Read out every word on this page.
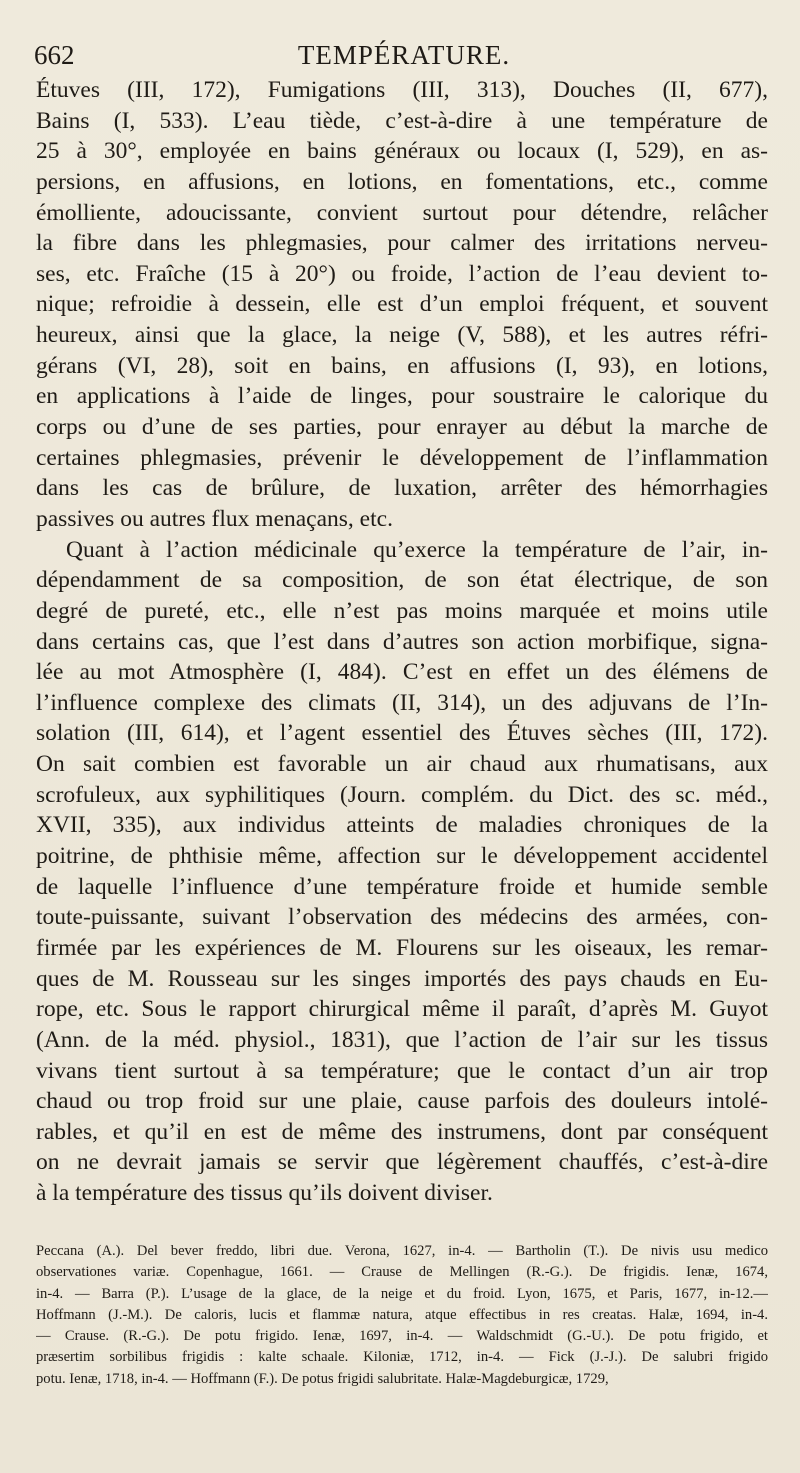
662	TEMPÉRATURE.
Étuves (III, 172), Fumigations (III, 313), Douches (II, 677),
Bains (I, 533). L’eau tiède, c’est-à-dire à une température de
25 à 30°, employée en bains généraux ou locaux (I, 529), en as-
persions, en affusions, en lotions, en fomentations, etc., comme
émolliente, adoucissante, convient surtout pour détendre, relâcher
la fibre dans les phlegmasies, pour calmer des irritations nerveu-
ses, etc. Fraîche (15 à 20°) ou froide, l’action de l’eau devient to-
nique; refroidie à dessein, elle est d’un emploi fréquent, et souvent
heureux, ainsi que la glace, la neige (V, 588), et les autres réfri-
gérans (VI, 28), soit en bains, en affusions (I, 93), en lotions,
en applications à l’aide de linges, pour soustraire le calorique du
corps ou d’une de ses parties, pour enrayer au début la marche de
certaines phlegmasies, prévenir le développement de l’inflammation
dans les cas de brûlure, de luxation, arrêter des hémorrhagies
passives ou autres flux menaçans, etc.
Quant à l’action médicinale qu’exerce la température de l’air, in-
dépendamment de sa composition, de son état électrique, de son
degré de pureté, etc., elle n’est pas moins marquée et moins utile
dans certains cas, que l’est dans d’autres son action morbifique, signa-
lée au mot Atmosphère (I, 484). C’est en effet un des élémens de
l’influence complexe des climats (II, 314), un des adjuvans de l’In-
solation (III, 614), et l’agent essentiel des Étuves sèches (III, 172).
On sait combien est favorable un air chaud aux rhumatisans, aux
scrofuleux, aux syphilitiques (Journ. complém. du Dict. des sc. méd.,
XVII, 335), aux individus atteints de maladies chroniques de la
poitrine, de phthisie même, affection sur le développement accidentel
de laquelle l’influence d’une température froide et humide semble
toute-puissante, suivant l’observation des médecins des armées, con-
firmée par les expériences de M. Flourens sur les oiseaux, les remar-
ques de M. Rousseau sur les singes importés des pays chauds en Eu-
rope, etc. Sous le rapport chirurgical même il paraît, d’après M. Guyot
(Ann. de la méd. physiol., 1831), que l’action de l’air sur les tissus
vivans tient surtout à sa température; que le contact d’un air trop
chaud ou trop froid sur une plaie, cause parfois des douleurs intolé-
rables, et qu’il en est de même des instrumens, dont par conséquent
on ne devrait jamais se servir que légèrement chauffés, c’est-à-dire
à la température des tissus qu’ils doivent diviser.
Peccana (A.). Del bever freddo, libri due. Verona, 1627, in-4. — Bartholin (T.). De nivis usu medico
observationes variæ. Copenhague, 1661. — Crause de Mellingen (R.-G.). De frigidis. Ienæ, 1674,
in-4. — Barra (P.). L’usage de la glace, de la neige et du froid. Lyon, 1675, et Paris, 1677, in-12.—
Hoffmann (J.-M.). De caloris, lucis et flammæ natura, atque effectibus in res creatas. Halæ, 1694, in-4.
— Crause. (R.-G.). De potu frigido. Ienæ, 1697, in-4. — Waldschmidt (G.-U.). De potu frigido, et
præsertim sorbilibus frigidis : kalte schaale. Kiloniæ, 1712, in-4. — Fick (J.-J.). De salubri frigido
potu. Ienæ, 1718, in-4. — Hoffmann (F.). De potus frigidi salubritate. Halæ-Magdeburgicæ, 1729,
